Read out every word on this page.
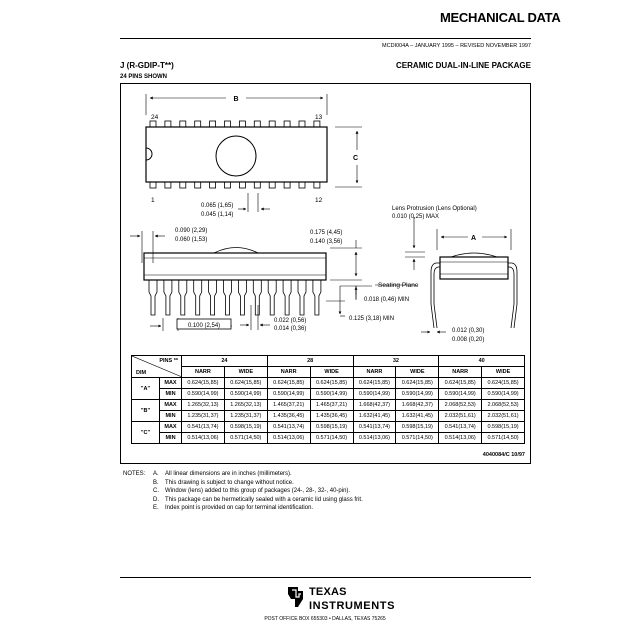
MECHANICAL DATA
MCDI004A – JANUARY 1995 – REVISED NOVEMBER 1997
J (R-GDIP-T**)	CERAMIC DUAL-IN-LINE PACKAGE
24 PINS SHOWN
B
24	13
1	12
C
0.065 (1,65)
0.045 (1,14)
0.100 (2,54)
0.090 (2,29)
0.060 (1,53)
0.175 (4,45)
0.140 (3,56)
Seating Plane
0.018 (0,46) MIN
0.022 (0,56)
0.014 (0,36)
0.125 (3,18) MIN
Lens Protrusion (Lens Optional)
0.010 (0,25) MAX
A
0.012 (0,30)
0.008 (0,20)
PINS **
DIM		24		28		32		40	
		NARR	WIDE	NARR	WIDE	NARR	WIDE	NARR	WIDE
"A"	MAX	0.624(15,85)	0.624(15,85)	0.624(15,85)	0.624(15,85)	0.624(15,85)	0.624(15,85)	0.624(15,85)	0.624(15,85)
	MIN	0.590(14,99)	0.590(14,99)	0.590(14,99)	0.590(14,99)	0.590(14,99)	0.590(14,99)	0.590(14,99)	0.590(14,99)
"B"	MAX	1.265(32,13)	1.265(32,13)	1.465(37,21)	1.465(37,21)	1.668(42,37)	1.668(42,37)	2.068(52,53)	2.068(52,53)
	MIN	1.235(31,37)	1.235(31,37)	1.435(36,45)	1.435(36,45)	1.632(41,45)	1.632(41,45)	2.032(51,61)	2.032(51,61)
"C"	MAX	0.541(13,74)	0.598(15,19)	0.541(13,74)	0.598(15,19)	0.541(13,74)	0.598(15,19)	0.541(13,74)	0.598(15,19)
	MIN	0.514(13,06)	0.571(14,50)	0.514(13,06)	0.571(14,50)	0.514(13,06)	0.571(14,50)	0.514(13,06)	0.571(14,50)
4040084/C 10/97
NOTES: A. All linear dimensions are in inches (millimeters).
B. This drawing is subject to change without notice.
C. Window (lens) added to this group of packages (24-, 28-, 32-, 40-pin).
D. This package can be hermetically sealed with a ceramic lid using glass frit.
E. Index point is provided on cap for terminal identification.
TEXAS
INSTRUMENTS
POST OFFICE BOX 655303 • DALLAS, TEXAS 75265
